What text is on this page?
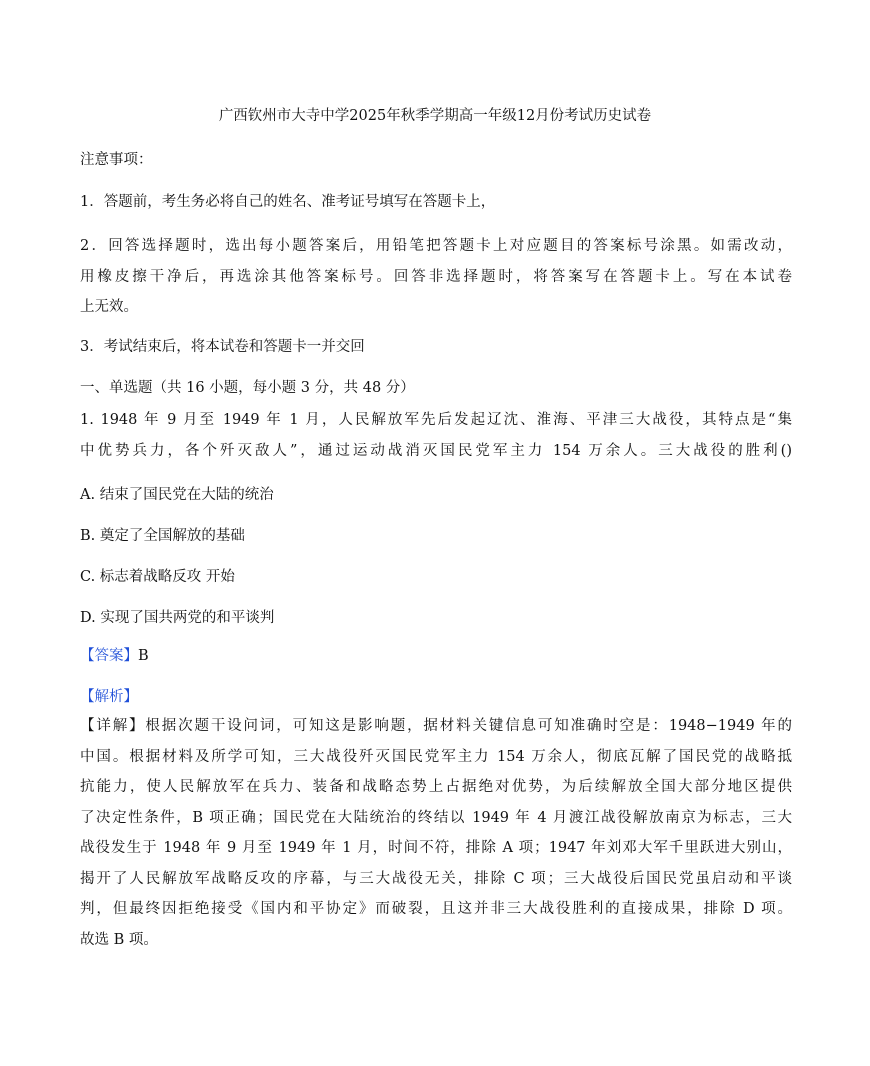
广西钦州市大寺中学2025年秋季学期高一年级12月份考试历史试卷
注意事项：
1．答题前，考生务必将自己的姓名、准考证号填写在答题卡上，
2．回答选择题时，选出每小题答案后，用铅笔把答题卡上对应题目的答案标号涂黑。如需改动，
用橡皮擦干净后，再选涂其他答案标号。回答非选择题时，将答案写在答题卡上。写在本试卷
上无效。
3．考试结束后，将本试卷和答题卡一并交回
一、单选题（共 16 小题，每小题 3 分，共 48 分）
1. 1948 年 9 月至 1949 年 1 月，人民解放军先后发起辽沈、淮海、平津三大战役，其特点是“集
中优势兵力，各个歼灭敌人”，通过运动战消灭国民党军主力 154 万余人。三大战役的胜利()
A. 结束了国民党在大陆的统治
B. 奠定了全国解放的基础
C. 标志着战略反攻 开始
D. 实现了国共两党的和平谈判
【答案】B
【解析】
【详解】根据次题干设问词，可知这是影响题，据材料关键信息可知准确时空是：1948−1949 年的
中国。根据材料及所学可知，三大战役歼灭国民党军主力 154 万余人，彻底瓦解了国民党的战略抵
抗能力，使人民解放军在兵力、装备和战略态势上占据绝对优势，为后续解放全国大部分地区提供
了决定性条件，B 项正确；国民党在大陆统治的终结以 1949 年 4 月渡江战役解放南京为标志，三大
战役发生于 1948 年 9 月至 1949 年 1 月，时间不符，排除 A 项；1947 年刘邓大军千里跃进大别山，
揭开了人民解放军战略反攻的序幕，与三大战役无关，排除 C 项；三大战役后国民党虽启动和平谈
判，但最终因拒绝接受《国内和平协定》而破裂，且这并非三大战役胜利的直接成果，排除 D 项。
故选 B 项。
